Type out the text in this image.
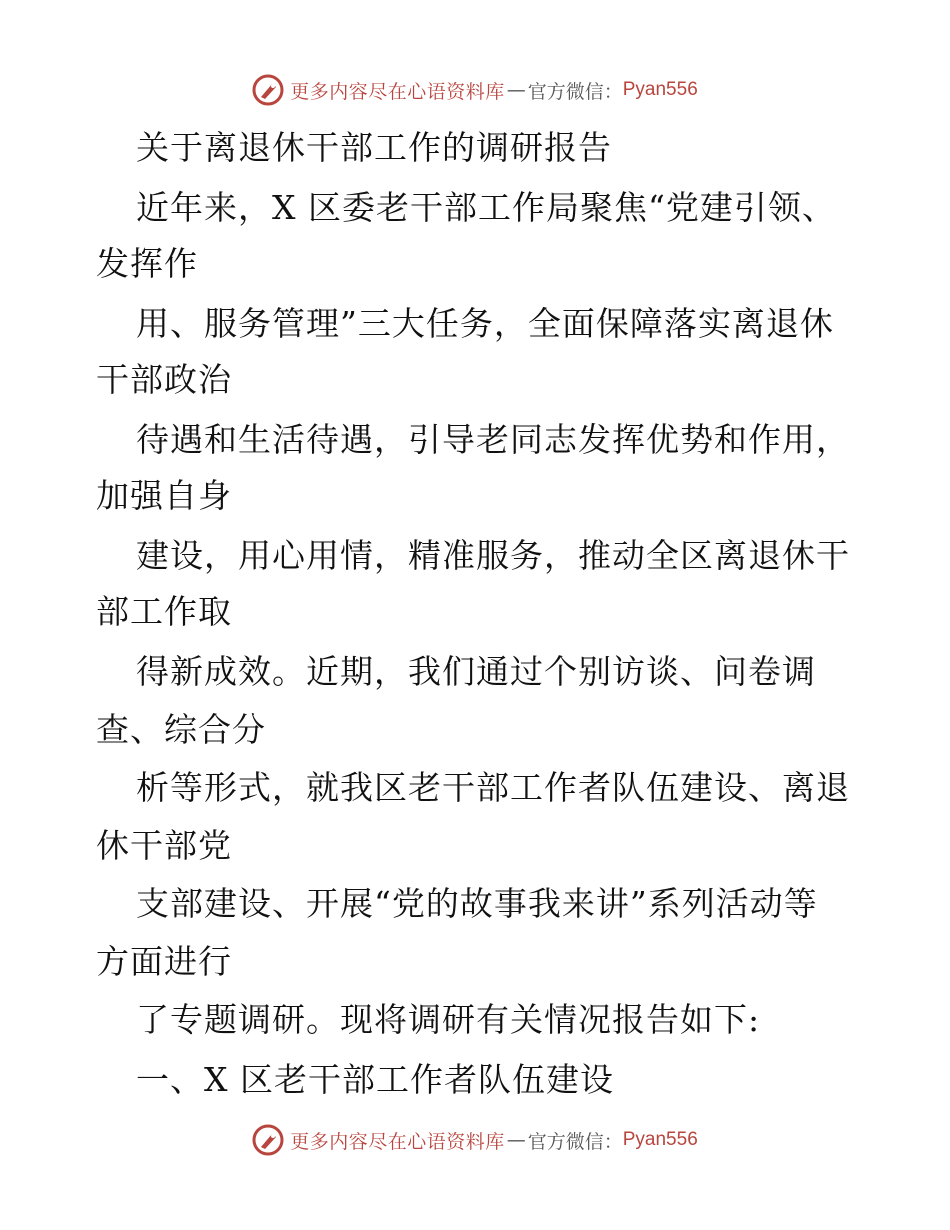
更多内容尽在心语资料库 — 官方微信： Pyan556
关于离退休干部工作的调研报告
近年来，X 区委老干部工作局聚焦“党建引领、
发挥作
用、服务管理”三大任务，全面保障落实离退休
干部政治
待遇和生活待遇，引导老同志发挥优势和作用，
加强自身
建设，用心用情，精准服务，推动全区离退休干
部工作取
得新成效。近期，我们通过个别访谈、问卷调
查、综合分
析等形式，就我区老干部工作者队伍建设、离退
休干部党
支部建设、开展“党的故事我来讲”系列活动等
方面进行
了专题调研。现将调研有关情况报告如下:
一、X 区老干部工作者队伍建设
更多内容尽在心语资料库 — 官方微信： Pyan556
